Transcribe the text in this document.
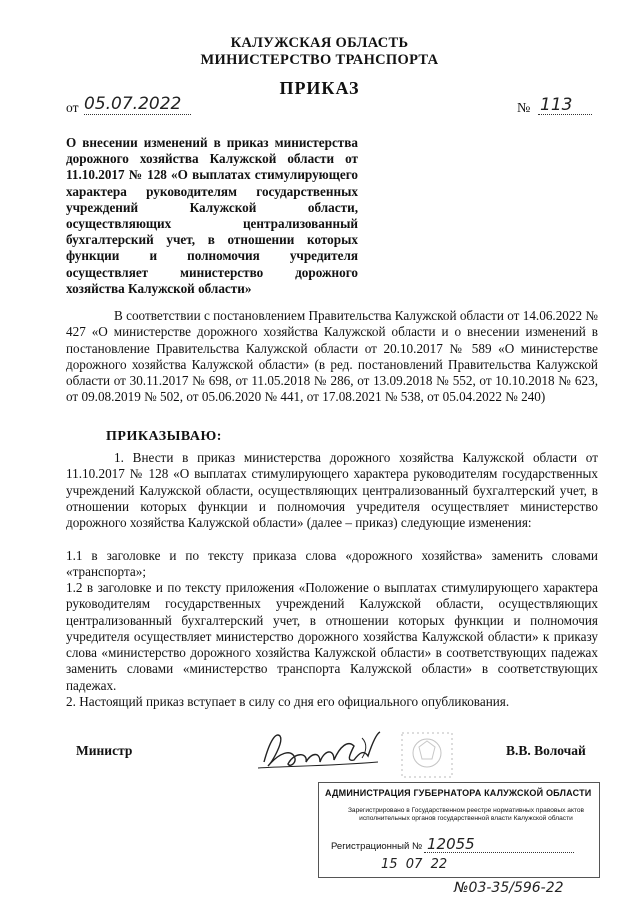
КАЛУЖСКАЯ ОБЛАСТЬ
МИНИСТЕРСТВО ТРАНСПОРТА
ПРИКАЗ
от 05.07.2022	№ 113
О внесении изменений в приказ министерства дорожного хозяйства Калужской области от 11.10.2017 № 128 «О выплатах стимулирующего характера руководителям государственных учреждений Калужской области, осуществляющих централизованный бухгалтерский учет, в отношении которых функции и полномочия учредителя осуществляет министерство дорожного хозяйства Калужской области»
В соответствии с постановлением Правительства Калужской области от 14.06.2022 № 427 «О министерстве дорожного хозяйства Калужской области и о внесении изменений в постановление Правительства Калужской области от 20.10.2017 № 589 «О министерстве дорожного хозяйства Калужской области» (в ред. постановлений Правительства Калужской области от 30.11.2017 № 698, от 11.05.2018 № 286, от 13.09.2018 № 552, от 10.10.2018 № 623, от 09.08.2019 № 502, от 05.06.2020 № 441, от 17.08.2021 № 538, от 05.04.2022 № 240)
ПРИКАЗЫВАЮ:
1. Внести в приказ министерства дорожного хозяйства Калужской области от 11.10.2017 № 128 «О выплатах стимулирующего характера руководителям государственных учреждений Калужской области, осуществляющих централизованный бухгалтерский учет, в отношении которых функции и полномочия учредителя осуществляет министерство дорожного хозяйства Калужской области» (далее – приказ) следующие изменения:
1.1 в заголовке и по тексту приказа слова «дорожного хозяйства» заменить словами «транспорта»;
1.2 в заголовке и по тексту приложения «Положение о выплатах стимулирующего характера руководителям государственных учреждений Калужской области, осуществляющих централизованный бухгалтерский учет, в отношении которых функции и полномочия учредителя осуществляет министерство дорожного хозяйства Калужской области» к приказу слова «министерство дорожного хозяйства Калужской области» в соответствующих падежах заменить словами «министерство транспорта Калужской области» в соответствующих падежах.
2. Настоящий приказ вступает в силу со дня его официального опубликования.
Министр	В.В. Волочай
АДМИНИСТРАЦИЯ ГУБЕРНАТОРА КАЛУЖСКОЙ ОБЛАСТИ
Зарегистрировано в Государственном реестре нормативных правовых актов исполнительных органов государственной власти Калужской области
Регистрационный № 12055
15  07  22
№03-35/596-22
